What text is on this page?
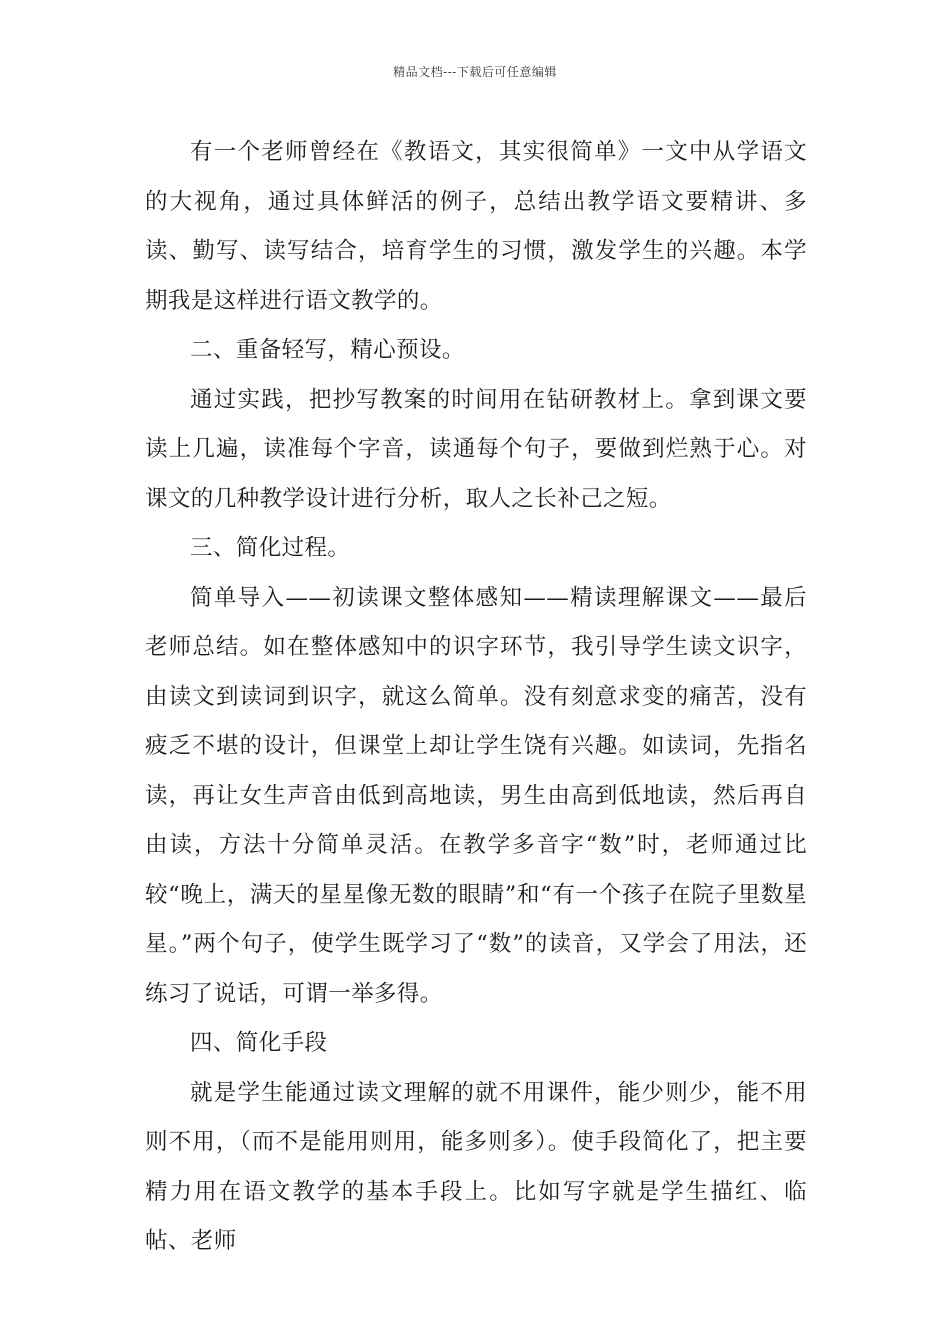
精品文档---下载后可任意编辑

有一个老师曾经在《教语文，其实很简单》一文中从学语文的大视角，通过具体鲜活的例子，总结出教学语文要精讲、多读、勤写、读写结合，培育学生的习惯，激发学生的兴趣。本学期我是这样进行语文教学的。

二、重备轻写，精心预设。

通过实践，把抄写教案的时间用在钻研教材上。拿到课文要读上几遍，读准每个字音，读通每个句子，要做到烂熟于心。对课文的几种教学设计进行分析，取人之长补己之短。

三、简化过程。

简单导入——初读课文整体感知——精读理解课文——最后老师总结。如在整体感知中的识字环节，我引导学生读文识字，由读文到读词到识字，就这么简单。没有刻意求变的痛苦，没有疲乏不堪的设计，但课堂上却让学生饶有兴趣。如读词，先指名读，再让女生声音由低到高地读，男生由高到低地读，然后再自由读，方法十分简单灵活。在教学多音字“数”时，老师通过比较“晚上，满天的星星像无数的眼睛”和“有一个孩子在院子里数星星。”两个句子，使学生既学习了“数”的读音，又学会了用法，还练习了说话，可谓一举多得。

四、简化手段

就是学生能通过读文理解的就不用课件，能少则少，能不用则不用，（而不是能用则用，能多则多）。使手段简化了，把主要精力用在语文教学的基本手段上。比如写字就是学生描红、临帖、老师
